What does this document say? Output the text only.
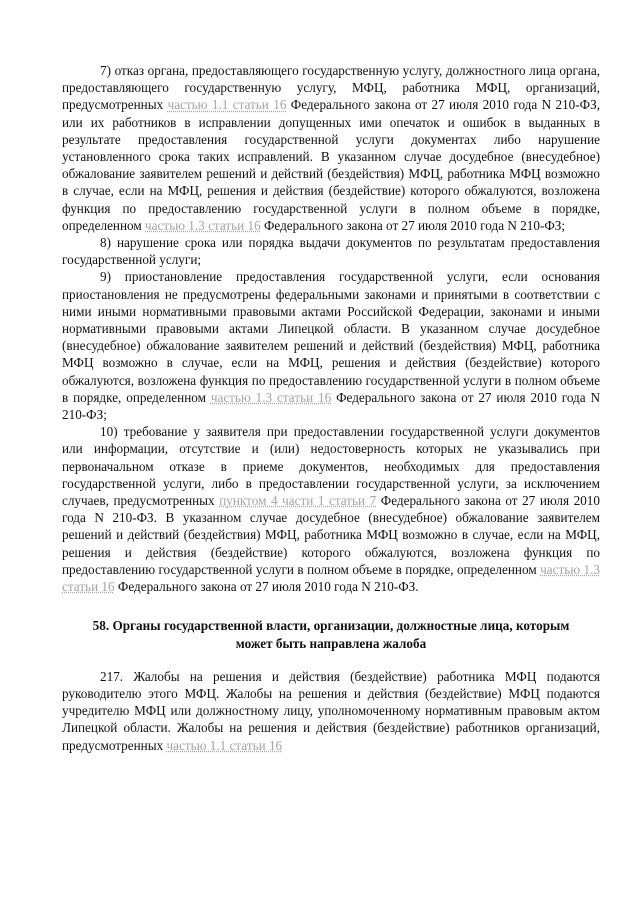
7) отказ органа, предоставляющего государственную услугу, должностного лица органа, предоставляющего государственную услугу, МФЦ, работника МФЦ, организаций, предусмотренных частью 1.1 статьи 16 Федерального закона от 27 июля 2010 года N 210-ФЗ, или их работников в исправлении допущенных ими опечаток и ошибок в выданных в результате предоставления государственной услуги документах либо нарушение установленного срока таких исправлений. В указанном случае досудебное (внесудебное) обжалование заявителем решений и действий (бездействия) МФЦ, работника МФЦ возможно в случае, если на МФЦ, решения и действия (бездействие) которого обжалуются, возложена функция по предоставлению государственной услуги в полном объеме в порядке, определенном частью 1.3 статьи 16 Федерального закона от 27 июля 2010 года N 210-ФЗ;

8) нарушение срока или порядка выдачи документов по результатам предоставления государственной услуги;

9) приостановление предоставления государственной услуги, если основания приостановления не предусмотрены федеральными законами и принятыми в соответствии с ними иными нормативными правовыми актами Российской Федерации, законами и иными нормативными правовыми актами Липецкой области. В указанном случае досудебное (внесудебное) обжалование заявителем решений и действий (бездействия) МФЦ, работника МФЦ возможно в случае, если на МФЦ, решения и действия (бездействие) которого обжалуются, возложена функция по предоставлению государственной услуги в полном объеме в порядке, определенном частью 1.3 статьи 16 Федерального закона от 27 июля 2010 года N 210-ФЗ;

10) требование у заявителя при предоставлении государственной услуги документов или информации, отсутствие и (или) недостоверность которых не указывались при первоначальном отказе в приеме документов, необходимых для предоставления государственной услуги, либо в предоставлении государственной услуги, за исключением случаев, предусмотренных пунктом 4 части 1 статьи 7 Федерального закона от 27 июля 2010 года N 210-ФЗ. В указанном случае досудебное (внесудебное) обжалование заявителем решений и действий (бездействия) МФЦ, работника МФЦ возможно в случае, если на МФЦ, решения и действия (бездействие) которого обжалуются, возложена функция по предоставлению государственной услуги в полном объеме в порядке, определенном частью 1.3 статьи 16 Федерального закона от 27 июля 2010 года N 210-ФЗ.

58. Органы государственной власти, организации, должностные лица, которым может быть направлена жалоба

217. Жалобы на решения и действия (бездействие) работника МФЦ подаются руководителю этого МФЦ. Жалобы на решения и действия (бездействие) МФЦ подаются учредителю МФЦ или должностному лицу, уполномоченному нормативным правовым актом Липецкой области. Жалобы на решения и действия (бездействие) работников организаций, предусмотренных частью 1.1 статьи 16
